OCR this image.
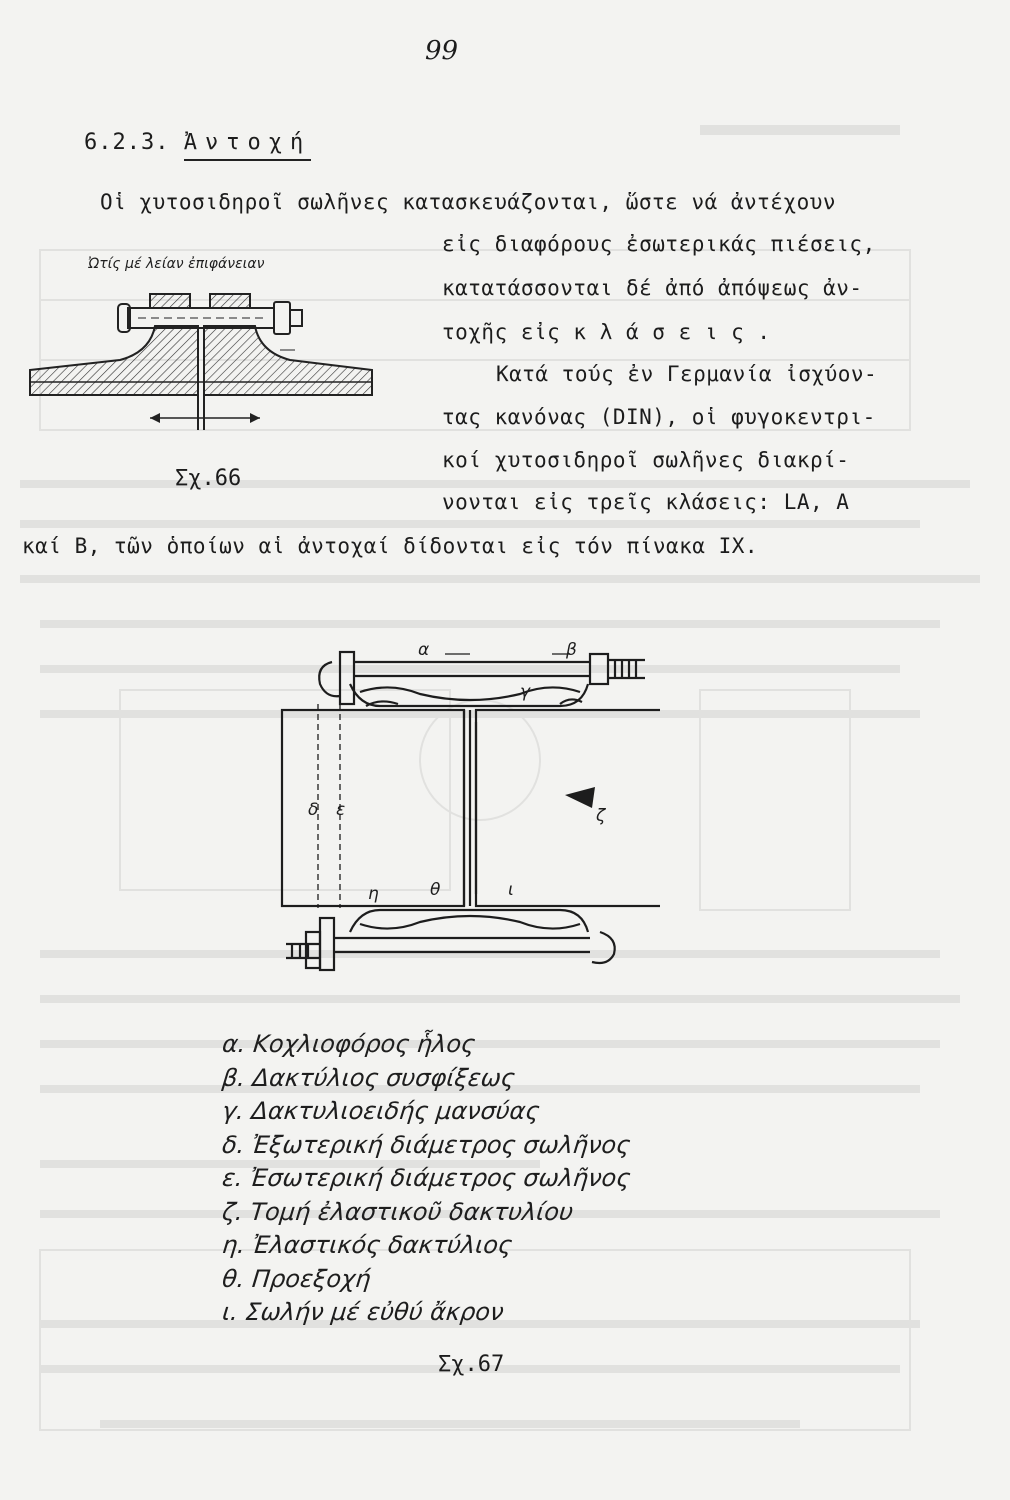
99
6.2.3. Ἀντοχή
Οἱ χυτοσιδηροῖ σωλῆνες κατασκευάζονται, ὥστε νά ἀντέχουν
εἰς διαφόρους ἐσωτερικάς πιέσεις,
κατατάσσονται δέ ἀπό ἀπόψεως ἀν-
τοχῆς εἰς κ λ ά σ ε ι ς .
Κατά τούς ἐν Γερμανία ἰσχύον-
τας κανόνας (DIN), οἱ φυγοκεντρι-
κοί χυτοσιδηροῖ σωλῆνες διακρί-
νονται εἰς τρεῖς κλάσεις: LA, A
καί B, τῶν ὁποίων αἱ ἀντοχαί δίδονται εἰς τόν πίνακα IX.
Ὠτίς μέ λείαν ἐπιφάνειαν
Σχ.66
α	β
γ
δ ε	ζ
η	θ	ι
α. Κοχλιοφόρος ἧλος
β. Δακτύλιος συσφίξεως
γ. Δακτυλιοειδής μανσύας
δ. Ἐξωτερική διάμετρος σωλῆνος
ε. Ἐσωτερική διάμετρος σωλῆνος
ζ. Τομή ἐλαστικοῦ δακτυλίου
η. Ἐλαστικός δακτύλιος
θ. Προεξοχή
ι. Σωλήν μέ εὐθύ ἄκρον
Σχ.67
